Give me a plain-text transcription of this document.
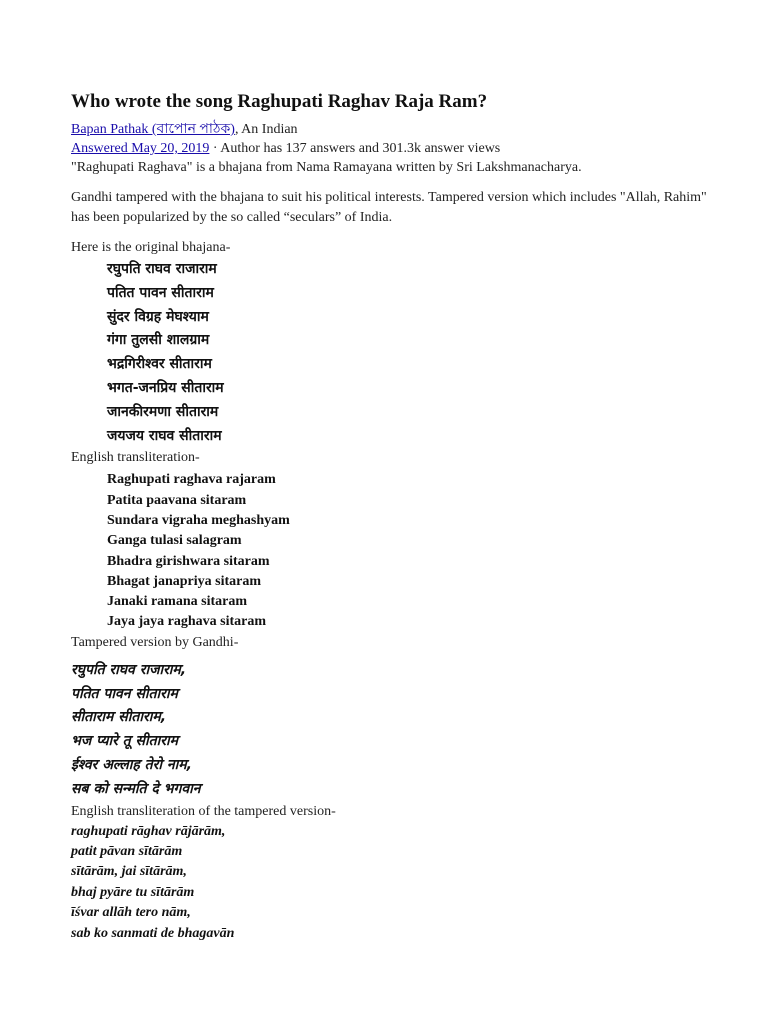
Who wrote the song Raghupati Raghav Raja Ram?
Bapan Pathak (বাপোন পাঠক), An Indian
Answered May 20, 2019 · Author has 137 answers and 301.3k answer views

"Raghupati Raghava" is a bhajana from Nama Ramayana written by Sri Lakshmanacharya.

Gandhi tampered with the bhajana to suit his political interests. Tampered version which includes "Allah, Rahim" has been popularized by the so called “seculars” of India.

Here is the original bhajana-

रघुपति राघव राजाराम
पतित पावन सीताराम
सुंदर विग्रह मेघश्याम
गंगा तुलसी शालग्राम
भद्रगिरीश्वर सीताराम
भगत-जनप्रिय सीताराम
जानकीरमणा सीताराम
जयजय राघव सीताराम

English transliteration-

Raghupati raghava rajaram
Patita paavana sitaram
Sundara vigraha meghashyam
Ganga tulasi salagram
Bhadra girishwara sitaram
Bhagat janapriya sitaram
Janaki ramana sitaram
Jaya jaya raghava sitaram

Tampered version by Gandhi-

रघुपति राघव राजाराम,
पतित पावन सीताराम
सीताराम सीताराम,
भज प्यारे तू सीताराम
ईश्वर अल्लाह तेरो नाम,
सब को सन्मति दे भगवान

English transliteration of the tampered version-

raghupati rāghav rājārām,
patit pāvan sītārām
sītārām, jai sītārām,
bhaj pyāre tu sītārām
īśvar allāh tero nām,
sab ko sanmati de bhagavān
